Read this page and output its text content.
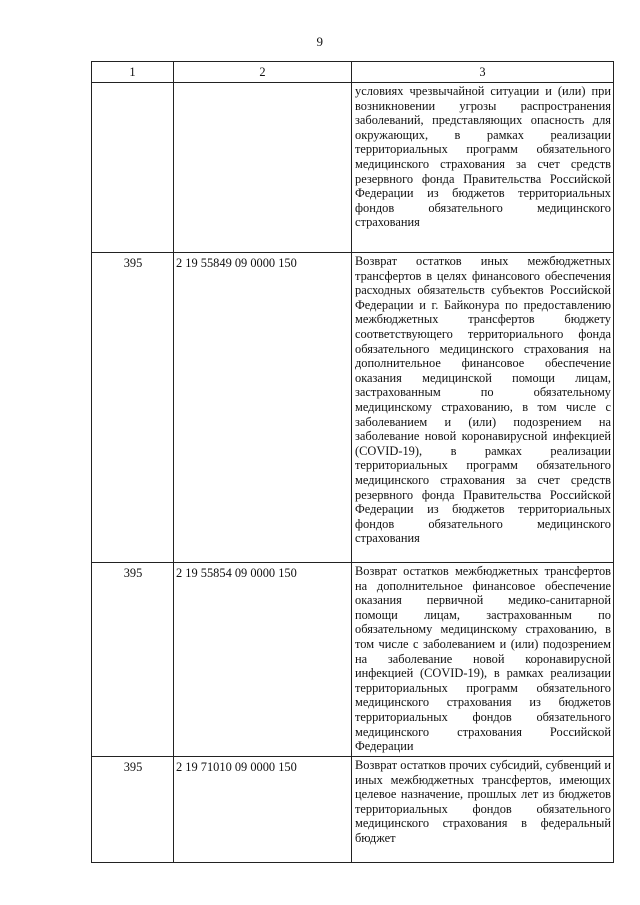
9
1	2	3
		условиях чрезвычайной ситуации и (или) при возникновении угрозы распространения заболеваний, представляющих опасность для окружающих, в рамках реализации территориальных программ обязательного медицинского страхования за счет средств резервного фонда Правительства Российской Федерации из бюджетов территориальных фондов обязательного медицинского страхования
395	2 19 55849 09 0000 150	Возврат остатков иных межбюджетных трансфертов в целях финансового обеспечения расходных обязательств субъектов Российской Федерации и г. Байконура по предоставлению межбюджетных трансфертов бюджету соответствующего территориального фонда обязательного медицинского страхования на дополнительное финансовое обеспечение оказания медицинской помощи лицам, застрахованным по обязательному медицинскому страхованию, в том числе с заболеванием и (или) подозрением на заболевание новой коронавирусной инфекцией (COVID-19), в рамках реализации территориальных программ обязательного медицинского страхования за счет средств резервного фонда Правительства Российской Федерации из бюджетов территориальных фондов обязательного медицинского страхования
395	2 19 55854 09 0000 150	Возврат остатков межбюджетных трансфертов на дополнительное финансовое обеспечение оказания первичной медико-санитарной помощи лицам, застрахованным по обязательному медицинскому страхованию, в том числе с заболеванием и (или) подозрением на заболевание новой коронавирусной инфекцией (COVID-19), в рамках реализации территориальных программ обязательного медицинского страхования из бюджетов территориальных фондов обязательного медицинского страхования Российской Федерации
395	2 19 71010 09 0000 150	Возврат остатков прочих субсидий, субвенций и иных межбюджетных трансфертов, имеющих целевое назначение, прошлых лет из бюджетов территориальных фондов обязательного медицинского страхования в федеральный бюджет
